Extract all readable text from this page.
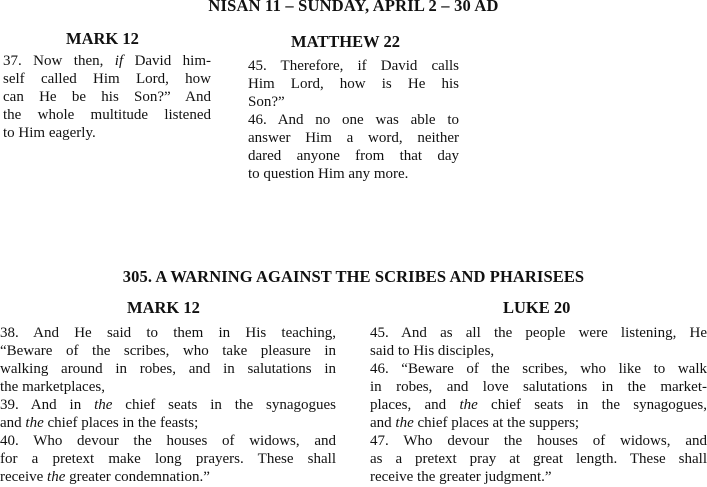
NISAN 11 – SUNDAY, APRIL 2 – 30 AD
MARK 12
37. Now then, if David him-
self called Him Lord, how
can He be his Son?” And
the whole multitude listened
to Him eagerly.
MATTHEW 22
45. Therefore, if David calls
Him Lord, how is He his
Son?”
46. And no one was able to
answer Him a word, neither
dared anyone from that day
to question Him any more.
305. A WARNING AGAINST THE SCRIBES AND PHARISEES
MARK 12
38. And He said to them in His teaching,
“Beware of the scribes, who take pleasure in
walking around in robes, and in salutations in
the marketplaces,
39. And in the chief seats in the synagogues
and the chief places in the feasts;
40. Who devour the houses of widows, and
for a pretext make long prayers. These shall
receive the greater condemnation.”
LUKE 20
45. And as all the people were listening, He
said to His disciples,
46. “Beware of the scribes, who like to walk
in robes, and love salutations in the market-
places, and the chief seats in the synagogues,
and the chief places at the suppers;
47. Who devour the houses of widows, and
as a pretext pray at great length. These shall
receive the greater judgment.”
